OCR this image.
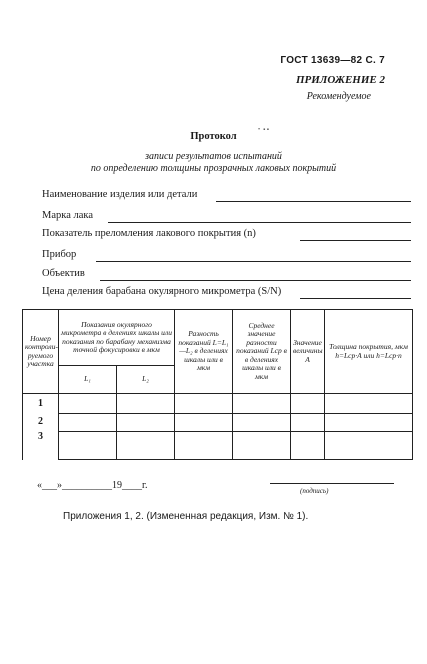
ГОСТ 13639—82 С. 7
ПРИЛОЖЕНИЕ 2
Рекомендуемое
•  ▪ ▪
Протокол
записи результатов испытаний
по определению толщины прозрачных лаковых покрытий
Наименование изделия или детали
Марка лака
Показатель преломления лакового покрытия (n)
Прибор
Объектив
Цена деления барабана окулярного микрометра (S/N)
Номер контроли-руемого участка	Показания окулярного микрометра в делениях шкалы или показания по барабану механизма точной фокусировки в мкм		Разность показаний L=L₁—L₂ в делениях шкалы или в мкм	Среднее значение разности показаний Lср в в делениях шкалы или в мкм	Значение величины A	Толщина покрытия, мкм h=Lср·A или h=Lср·n
	L₁	L₂				
1						
2						
3						
«___»__________19____г.	(подпись)
Приложения 1, 2. (Измененная редакция, Изм. № 1).
